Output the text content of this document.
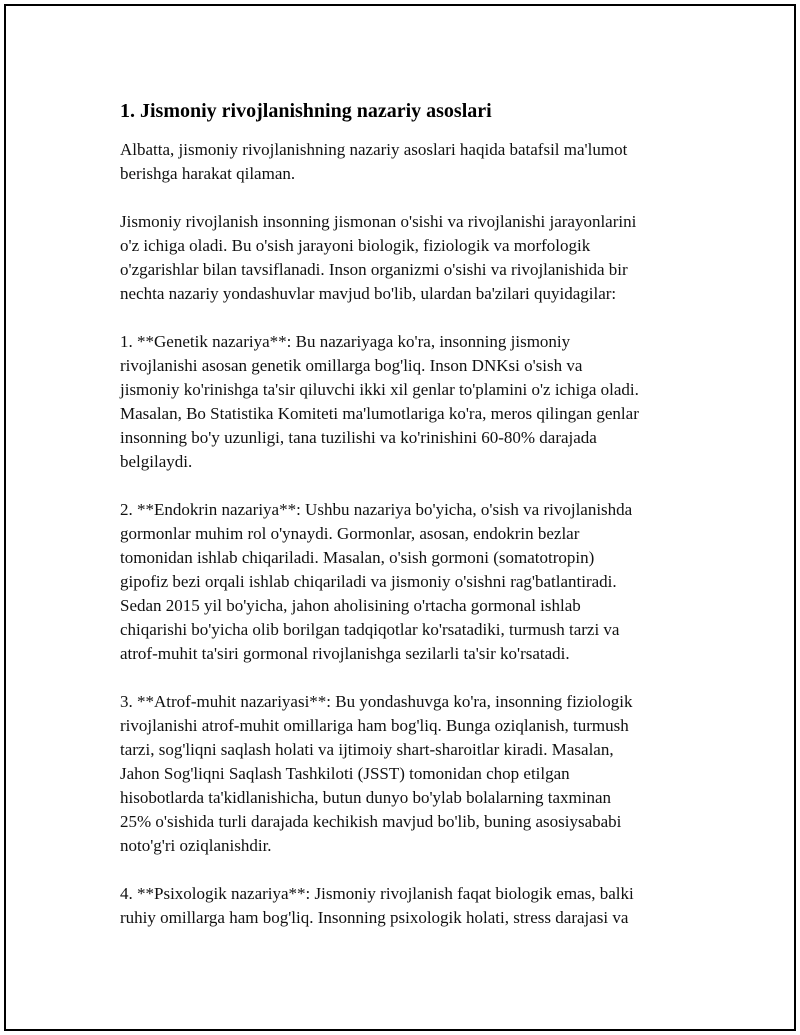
1. Jismoniy rivojlanishning nazariy asoslari

Albatta, jismoniy rivojlanishning nazariy asoslari haqida batafsil ma'lumot
berishga harakat qilaman.

Jismoniy rivojlanish insonning jismonan o'sishi va rivojlanishi jarayonlarini
o'z ichiga oladi. Bu o'sish jarayoni biologik, fiziologik va morfologik
o'zgarishlar bilan tavsiflanadi. Inson organizmi o'sishi va rivojlanishida bir
nechta nazariy yondashuvlar mavjud bo'lib, ulardan ba'zilari quyidagilar:

1. **Genetik nazariya**: Bu nazariyaga ko'ra, insonning jismoniy
rivojlanishi asosan genetik omillarga bog'liq. Inson DNKsi o'sish va
jismoniy ko'rinishga ta'sir qiluvchi ikki xil genlar to'plamini o'z ichiga oladi.
Masalan, Bo Statistika Komiteti ma'lumotlariga ko'ra, meros qilingan genlar
insonning bo'y uzunligi, tana tuzilishi va ko'rinishini 60-80% darajada
belgilaydi.

2. **Endokrin nazariya**: Ushbu nazariya bo'yicha, o'sish va rivojlanishda
gormonlar muhim rol o'ynaydi. Gormonlar, asosan, endokrin bezlar
tomonidan ishlab chiqariladi. Masalan, o'sish gormoni (somatotropin)
gipofiz bezi orqali ishlab chiqariladi va jismoniy o'sishni rag'batlantiradi.
Sedan 2015 yil bo'yicha, jahon aholisining o'rtacha gormonal ishlab
chiqarishi bo'yicha olib borilgan tadqiqotlar ko'rsatadiki, turmush tarzi va
atrof-muhit ta'siri gormonal rivojlanishga sezilarli ta'sir ko'rsatadi.

3. **Atrof-muhit nazariyasi**: Bu yondashuvga ko'ra, insonning fiziologik
rivojlanishi atrof-muhit omillariga ham bog'liq. Bunga oziqlanish, turmush
tarzi, sog'liqni saqlash holati va ijtimoiy shart-sharoitlar kiradi. Masalan,
Jahon Sog'liqni Saqlash Tashkiloti (JSST) tomonidan chop etilgan
hisobotlarda ta'kidlanishicha, butun dunyo bo'ylab bolalarning taxminan
25% o'sishida turli darajada kechikish mavjud bo'lib, buning asosiysababi
noto'g'ri oziqlanishdir.

4. **Psixologik nazariya**: Jismoniy rivojlanish faqat biologik emas, balki
ruhiy omillarga ham bog'liq. Insonning psixologik holati, stress darajasi va
